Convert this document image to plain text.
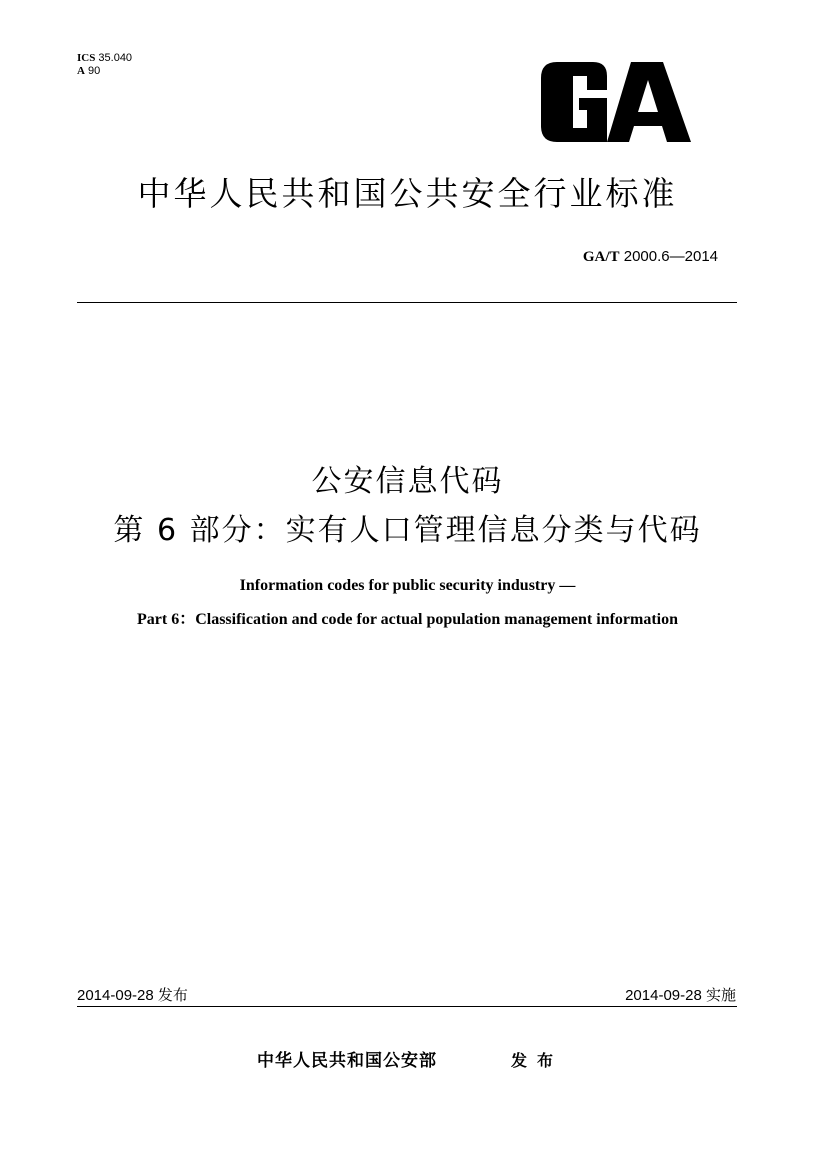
ICS 35.040
A 90
中华人民共和国公共安全行业标准
GA/T 2000.6—2014
公安信息代码
第 6 部分：实有人口管理信息分类与代码
Information codes for public security industry —
Part 6：Classification and code for actual population management information
2014-09-28 发布	2014-09-28 实施
中华人民共和国公安部	发布
